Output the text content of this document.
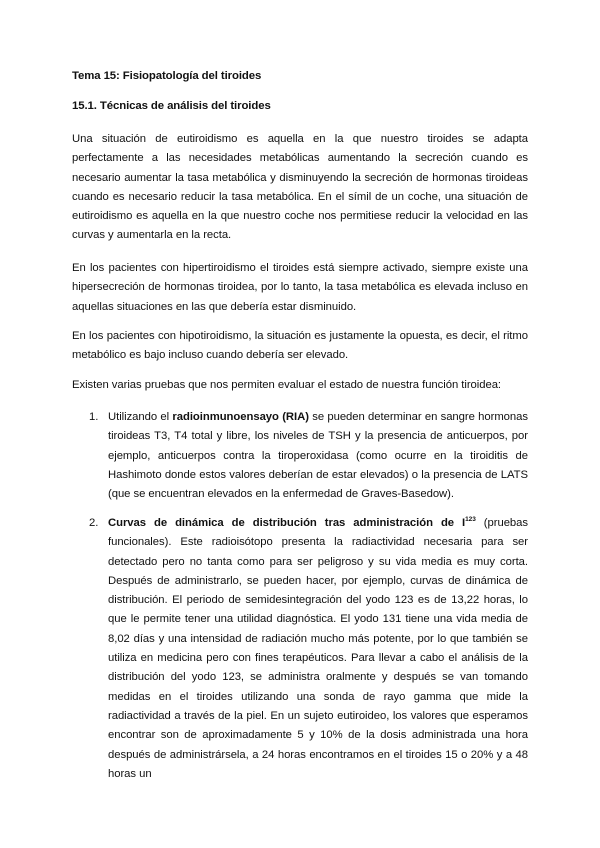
Tema 15: Fisiopatología del tiroides
15.1. Técnicas de análisis del tiroides

Una situación de eutiroidismo es aquella en la que nuestro tiroides se adapta perfectamente a las necesidades metabólicas aumentando la secreción cuando es necesario aumentar la tasa metabólica y disminuyendo la secreción de hormonas tiroideas cuando es necesario reducir la tasa metabólica. En el símil de un coche, una situación de eutiroidismo es aquella en la que nuestro coche nos permitiese reducir la velocidad en las curvas y aumentarla en la recta.

En los pacientes con hipertiroidismo el tiroides está siempre activado, siempre existe una hipersecreción de hormonas tiroidea, por lo tanto, la tasa metabólica es elevada incluso en aquellas situaciones en las que debería estar disminuido.

En los pacientes con hipotiroidismo, la situación es justamente la opuesta, es decir, el ritmo metabólico es bajo incluso cuando debería ser elevado.

Existen varias pruebas que nos permiten evaluar el estado de nuestra función tiroidea:

1. Utilizando el radioinmunoensayo (RIA) se pueden determinar en sangre hormonas tiroideas T3, T4 total y libre, los niveles de TSH y la presencia de anticuerpos, por ejemplo, anticuerpos contra la tiroperoxidasa (como ocurre en la tiroiditis de Hashimoto donde estos valores deberían de estar elevados) o la presencia de LATS (que se encuentran elevados en la enfermedad de Graves-Basedow).

2. Curvas de dinámica de distribución tras administración de $I^{123}$ (pruebas funcionales). Este radioisótopo presenta la radiactividad necesaria para ser detectado pero no tanta como para ser peligroso y su vida media es muy corta. Después de administrarlo, se pueden hacer, por ejemplo, curvas de dinámica de distribución. El periodo de semidesintegración del yodo 123 es de 13,22 horas, lo que le permite tener una utilidad diagnóstica. El yodo 131 tiene una vida media de 8,02 días y una intensidad de radiación mucho más potente, por lo que también se utiliza en medicina pero con fines terapéuticos. Para llevar a cabo el análisis de la distribución del yodo 123, se administra oralmente y después se van tomando medidas en el tiroides utilizando una sonda de rayo gamma que mide la radiactividad a través de la piel. En un sujeto eutiroideo, los valores que esperamos encontrar son de aproximadamente 5 y 10% de la dosis administrada una hora después de administrársela, a 24 horas encontramos en el tiroides 15 o 20% y a 48 horas un
